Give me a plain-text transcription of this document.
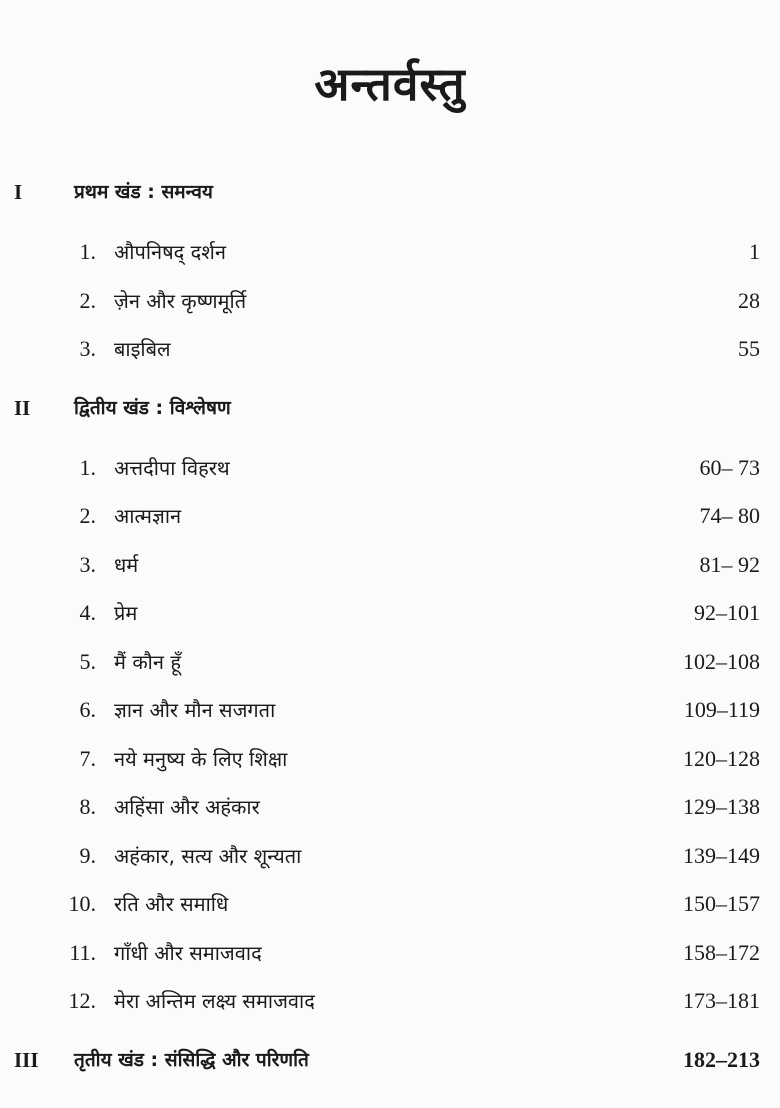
अन्तर्वस्तु
I	प्रथम खंड : समन्वय
1. औपनिषद् दर्शन	1
2. ज़ेन और कृष्णमूर्ति	28
3. बाइबिल	55
II	द्वितीय खंड : विश्लेषण
1. अत्तदीपा विहरथ	60– 73
2. आत्मज्ञान	74– 80
3. धर्म	81– 92
4. प्रेम	92–101
5. मैं कौन हूँ	102–108
6. ज्ञान और मौन सजगता	109–119
7. नये मनुष्य के लिए शिक्षा	120–128
8. अहिंसा और अहंकार	129–138
9. अहंकार, सत्य और शून्यता	139–149
10. रति और समाधि	150–157
11. गाँधी और समाजवाद	158–172
12. मेरा अन्तिम लक्ष्य समाजवाद	173–181
III	तृतीय खंड : संसिद्धि और परिणति	182–213
